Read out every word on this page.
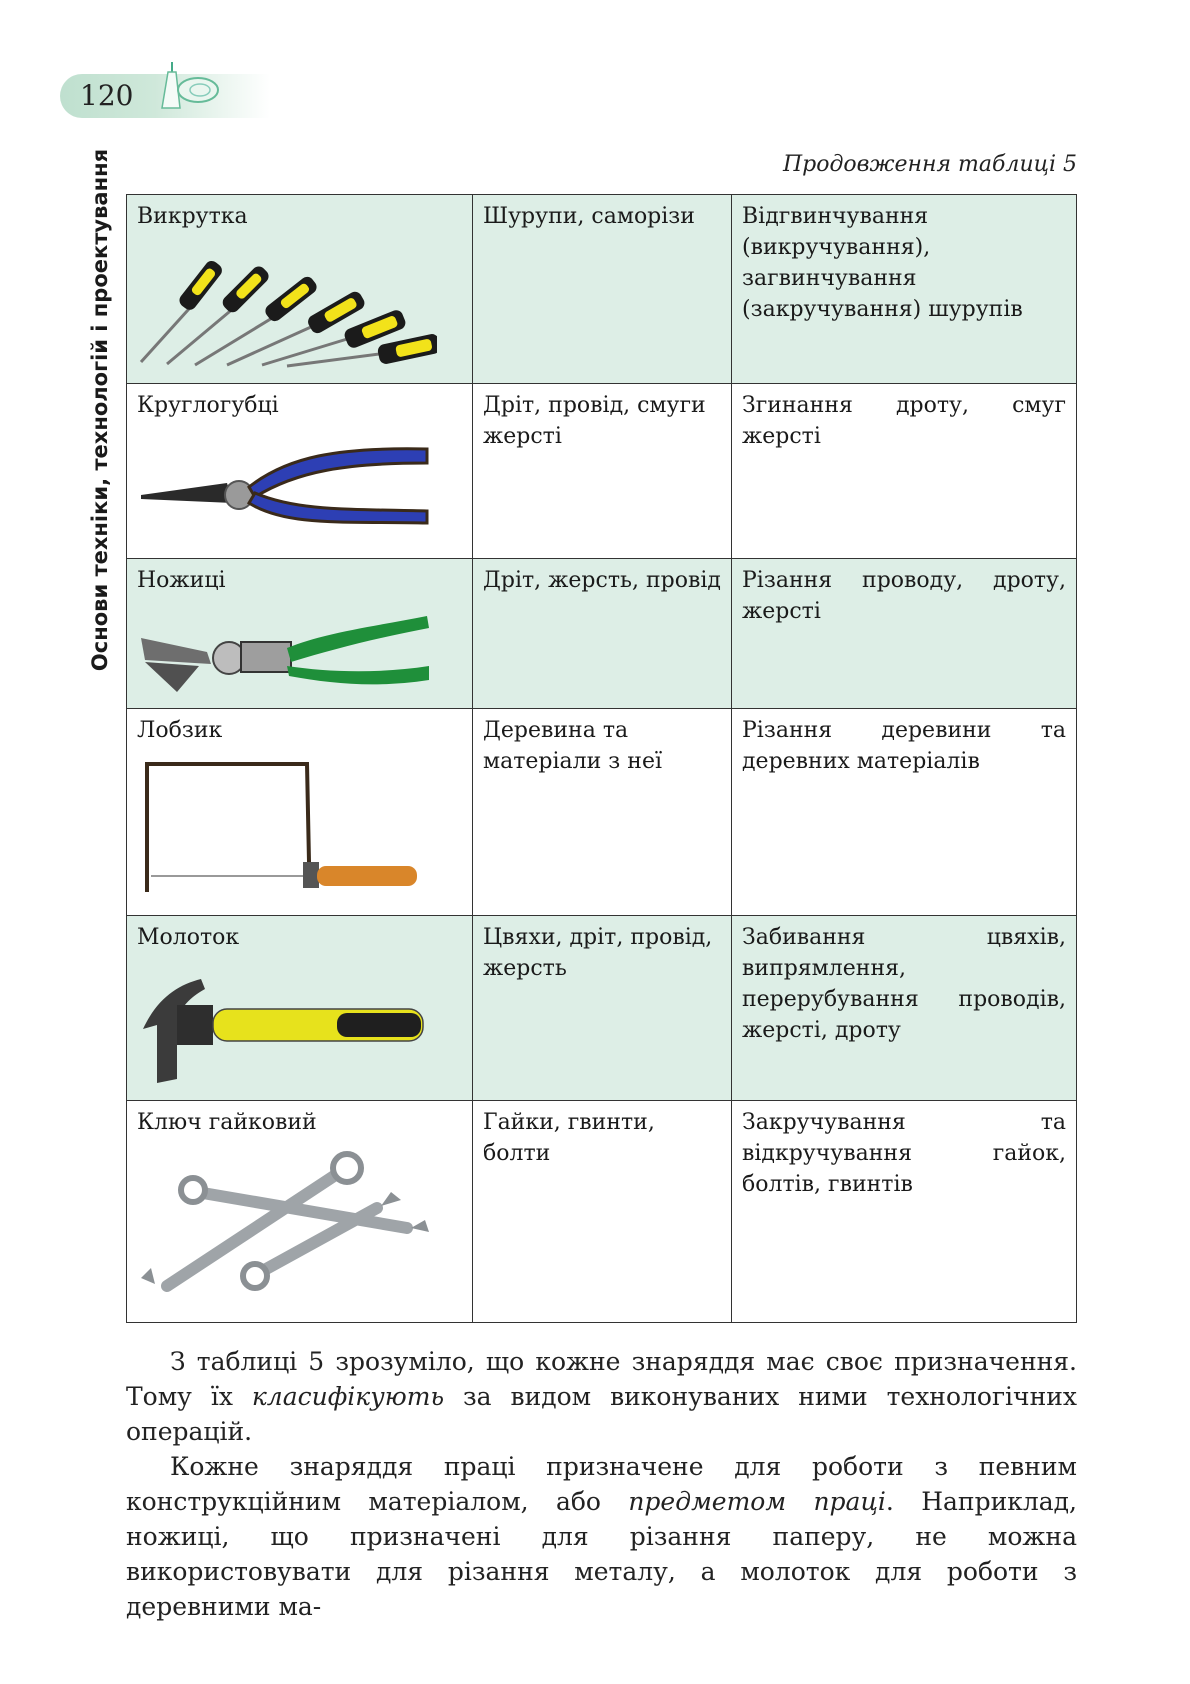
120
Основи техніки, технологій і проектування	Продовження таблиці 5
Викрутка	Шурупи, саморізи	Відгвинчування (викручування), загвинчування (закручування) шурупів

Круглогубці	Дріт, провід, смуги жерсті	Згинання дроту, смуг жерсті

Ножиці	Дріт, жерсть, провід	Різання проводу, дроту, жерсті

Лобзик	Деревина та матеріали з неї	Різання деревини та деревних матеріалів

Молоток	Цвяхи, дріт, провід, жерсть	Забивання цвяхів, випрямлення, перерубування проводів, жерсті, дроту

Ключ гайковий	Гайки, гвинти, болти	Закручування та відкручування гайок, болтів, гвинтів

З таблиці 5 зрозуміло, що кожне знаряддя має своє призначення. Тому їх класифікують за видом виконуваних ними технологічних операцій.

Кожне знаряддя праці призначене для роботи з певним конструкційним матеріалом, або предметом праці. Наприклад, ножиці, що призначені для різання паперу, не можна використовувати для різання металу, а молоток для роботи з деревними ма-
